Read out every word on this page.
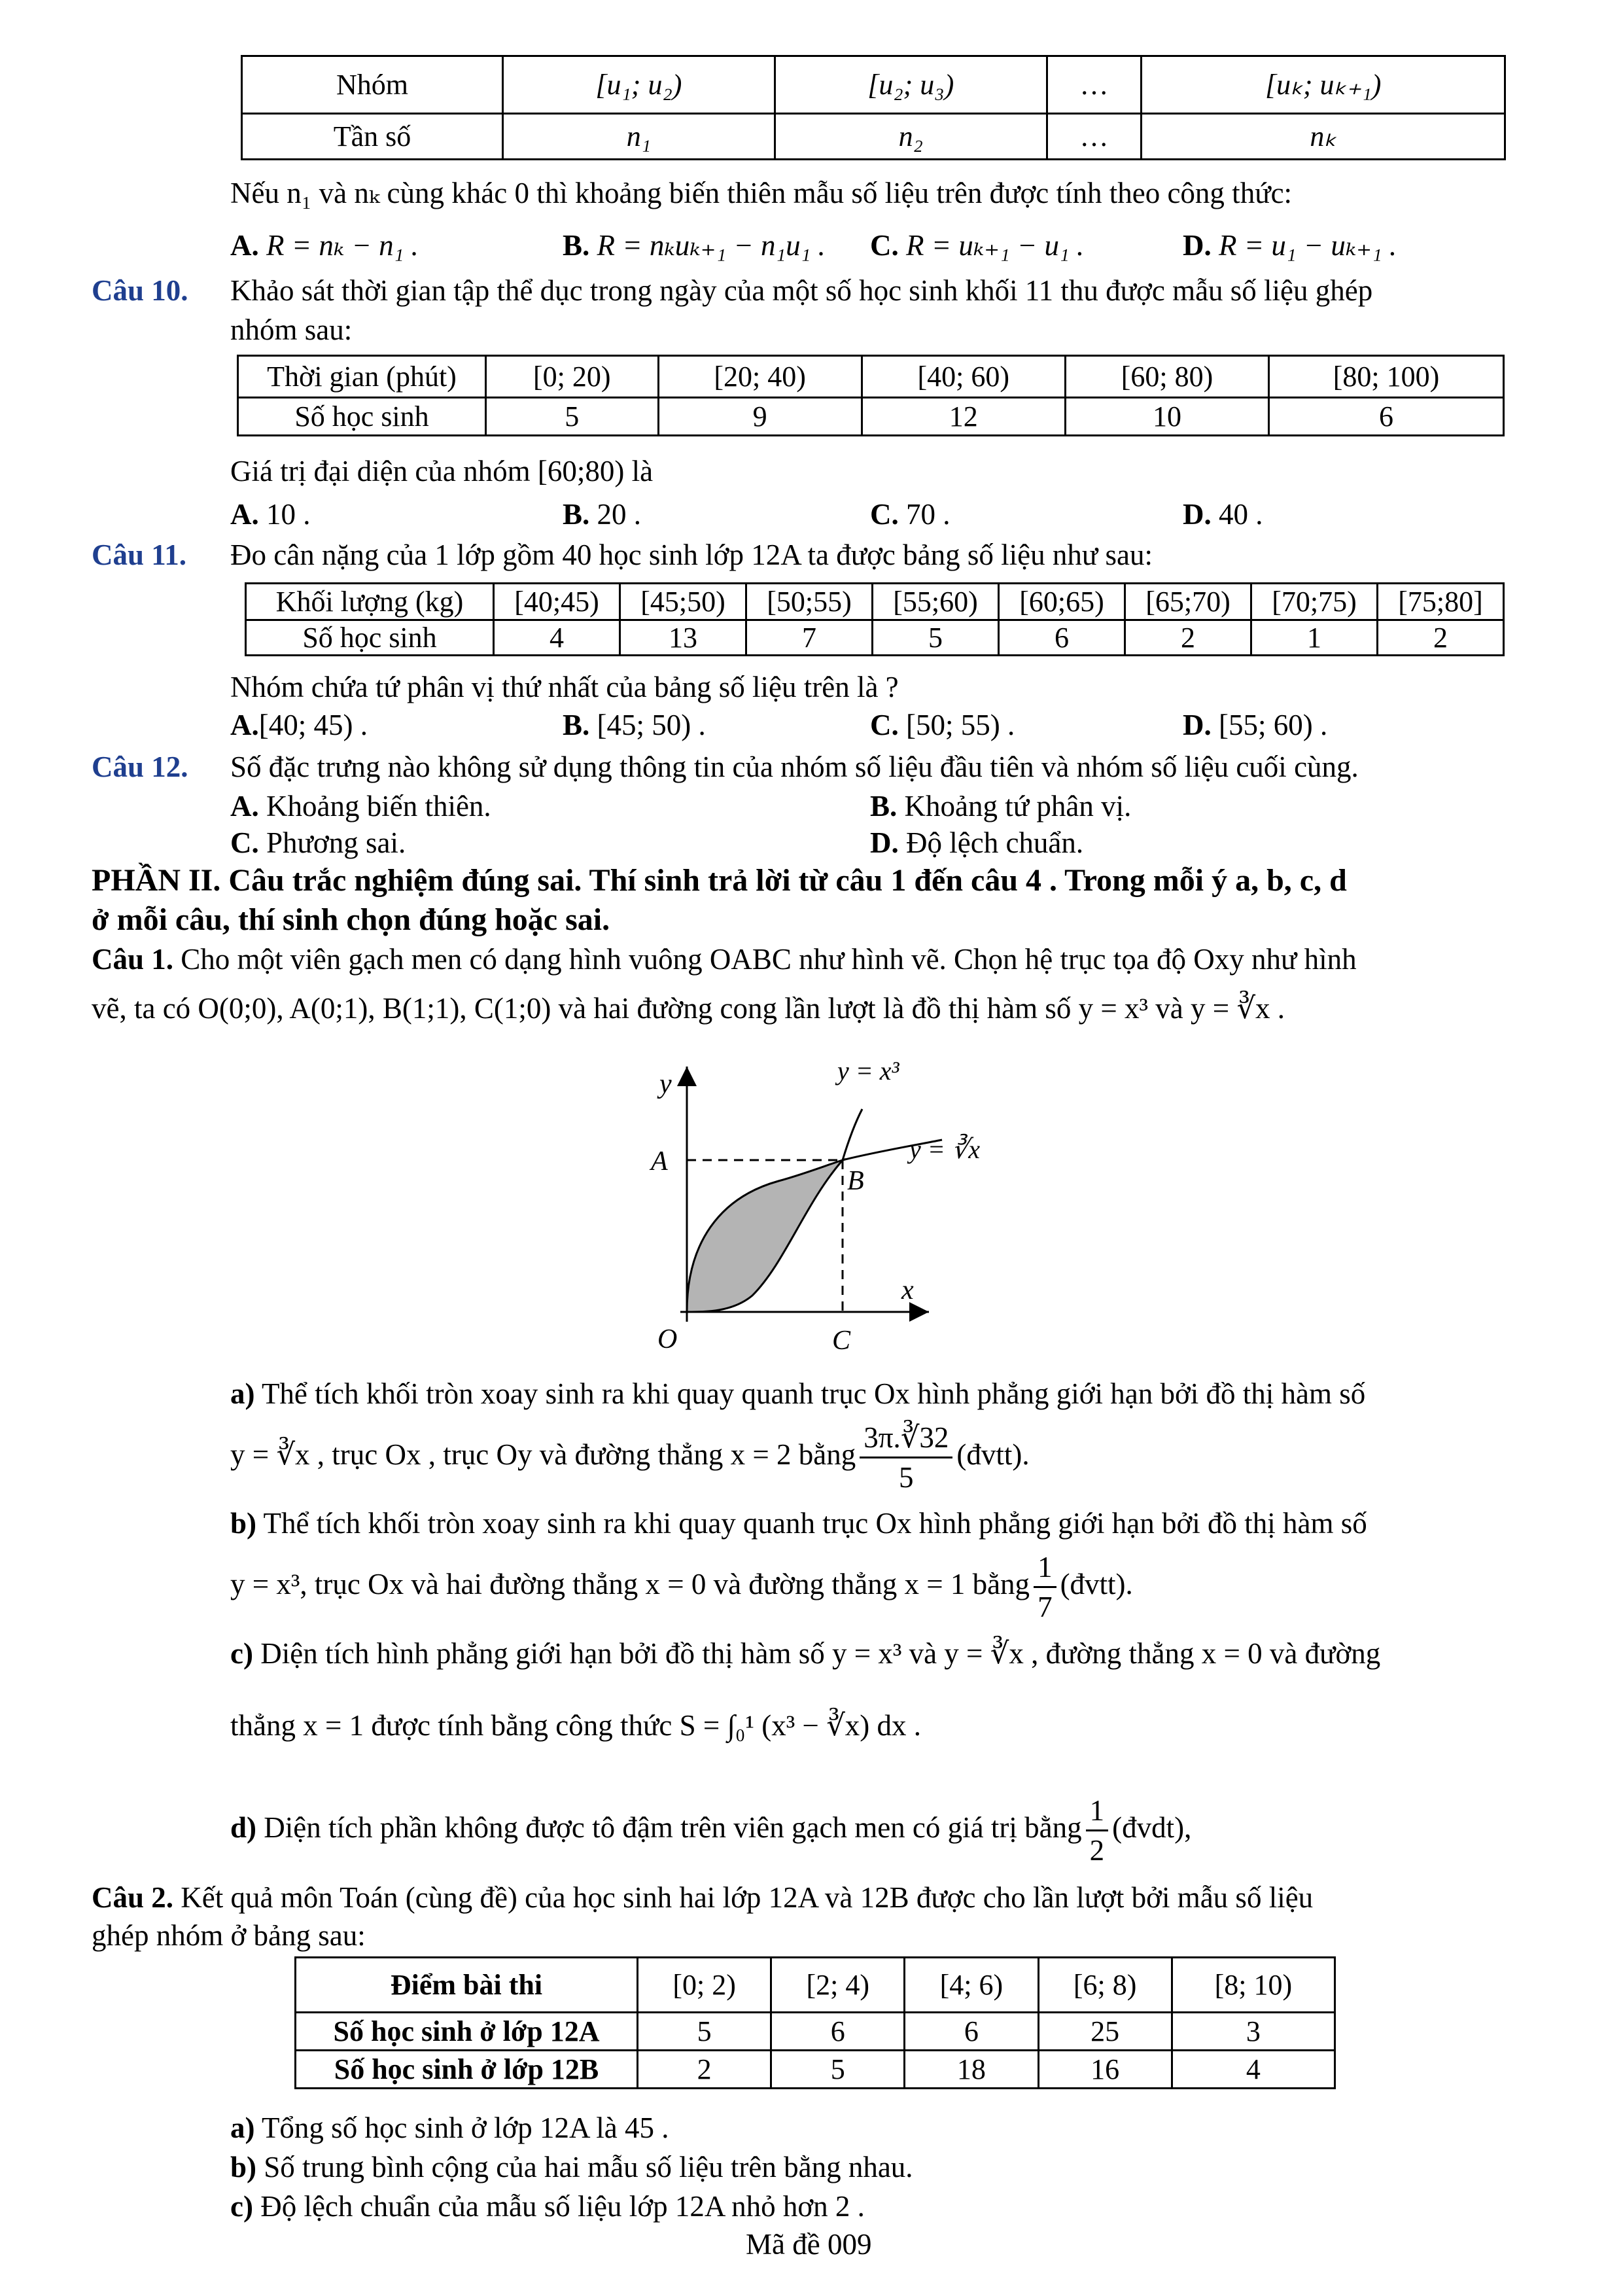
Nhóm	[u₁; u₂)	[u₂; u₃)	…	[uₖ; uₖ₊₁)
Tần số	n₁	n₂	…	nₖ
Nếu n₁ và nₖ cùng khác 0 thì khoảng biến thiên mẫu số liệu trên được tính theo công thức:
A. R = nₖ − n₁ .	B. R = nₖuₖ₊₁ − n₁u₁ . C. R = uₖ₊₁ − u₁ .	D. R = u₁ − uₖ₊₁ .
Câu 10. Khảo sát thời gian tập thể dục trong ngày của một số học sinh khối 11 thu được mẫu số liệu ghép
nhóm sau:
Thời gian (phút)	[0; 20)	[20; 40)	[40; 60)	[60; 80)	[80; 100)
Số học sinh	5	9	12	10	6
Giá trị đại diện của nhóm [60;80) là
A. 10 .	B. 20 .	C. 70 .	D. 40 .
Câu 11. Đo cân nặng của 1 lớp gồm 40 học sinh lớp 12A ta được bảng số liệu như sau:
Khối lượng (kg)	[40;45)	[45;50)	[50;55)	[55;60)	[60;65)	[65;70)	[70;75)	[75;80]
Số học sinh	4	13	7	5	6	2	1	2
Nhóm chứa tứ phân vị thứ nhất của bảng số liệu trên là ?
A.[40; 45) .	B. [45; 50) .	C. [50; 55) .	D. [55; 60) .
Câu 12. Số đặc trưng nào không sử dụng thông tin của nhóm số liệu đầu tiên và nhóm số liệu cuối cùng.
A. Khoảng biến thiên.	B. Khoảng tứ phân vị.
C. Phương sai.	D. Độ lệch chuẩn.
PHẦN II. Câu trắc nghiệm đúng sai. Thí sinh trả lời từ câu 1 đến câu 4 . Trong mỗi ý a, b, c, d
ở mỗi câu, thí sinh chọn đúng hoặc sai.
Câu 1. Cho một viên gạch men có dạng hình vuông OABC như hình vẽ. Chọn hệ trục tọa độ Oxy như hình
vẽ, ta có O(0;0), A(0;1), B(1;1), C(1;0) và hai đường cong lần lượt là đồ thị hàm số y = x³ và y = ∛x .
y
x
O
A
B
C
y = x³
y = ∛x
a) Thể tích khối tròn xoay sinh ra khi quay quanh trục Ox hình phẳng giới hạn bởi đồ thị hàm số
y = ∛x , trục Ox , trục Oy và đường thẳng x = 2 bằng $\frac{3\pi.∛32}{5}$ (đvtt).
b) Thể tích khối tròn xoay sinh ra khi quay quanh trục Ox hình phẳng giới hạn bởi đồ thị hàm số
y = x³, trục Ox và hai đường thẳng x = 0 và đường thẳng x = 1 bằng $\frac{1}{7}$ (đvtt).
c) Diện tích hình phẳng giới hạn bởi đồ thị hàm số y = x³ và y = ∛x , đường thẳng x = 0 và đường
thẳng x = 1 được tính bằng công thức S = ∫₀¹ (x³ − ∛x) dx .
d) Diện tích phần không được tô đậm trên viên gạch men có giá trị bằng $\frac{1}{2}$ (đvdt),
Câu 2. Kết quả môn Toán (cùng đề) của học sinh hai lớp 12A và 12B được cho lần lượt bởi mẫu số liệu
ghép nhóm ở bảng sau:
Điểm bài thi	[0; 2)	[2; 4)	[4; 6)	[6; 8)	[8; 10)
Số học sinh ở lớp 12A	5	6	6	25	3
Số học sinh ở lớp 12B	2	5	18	16	4
a) Tổng số học sinh ở lớp 12A là 45 .
b) Số trung bình cộng của hai mẫu số liệu trên bằng nhau.
c) Độ lệch chuẩn của mẫu số liệu lớp 12A nhỏ hơn 2 .
Mã đề 009
